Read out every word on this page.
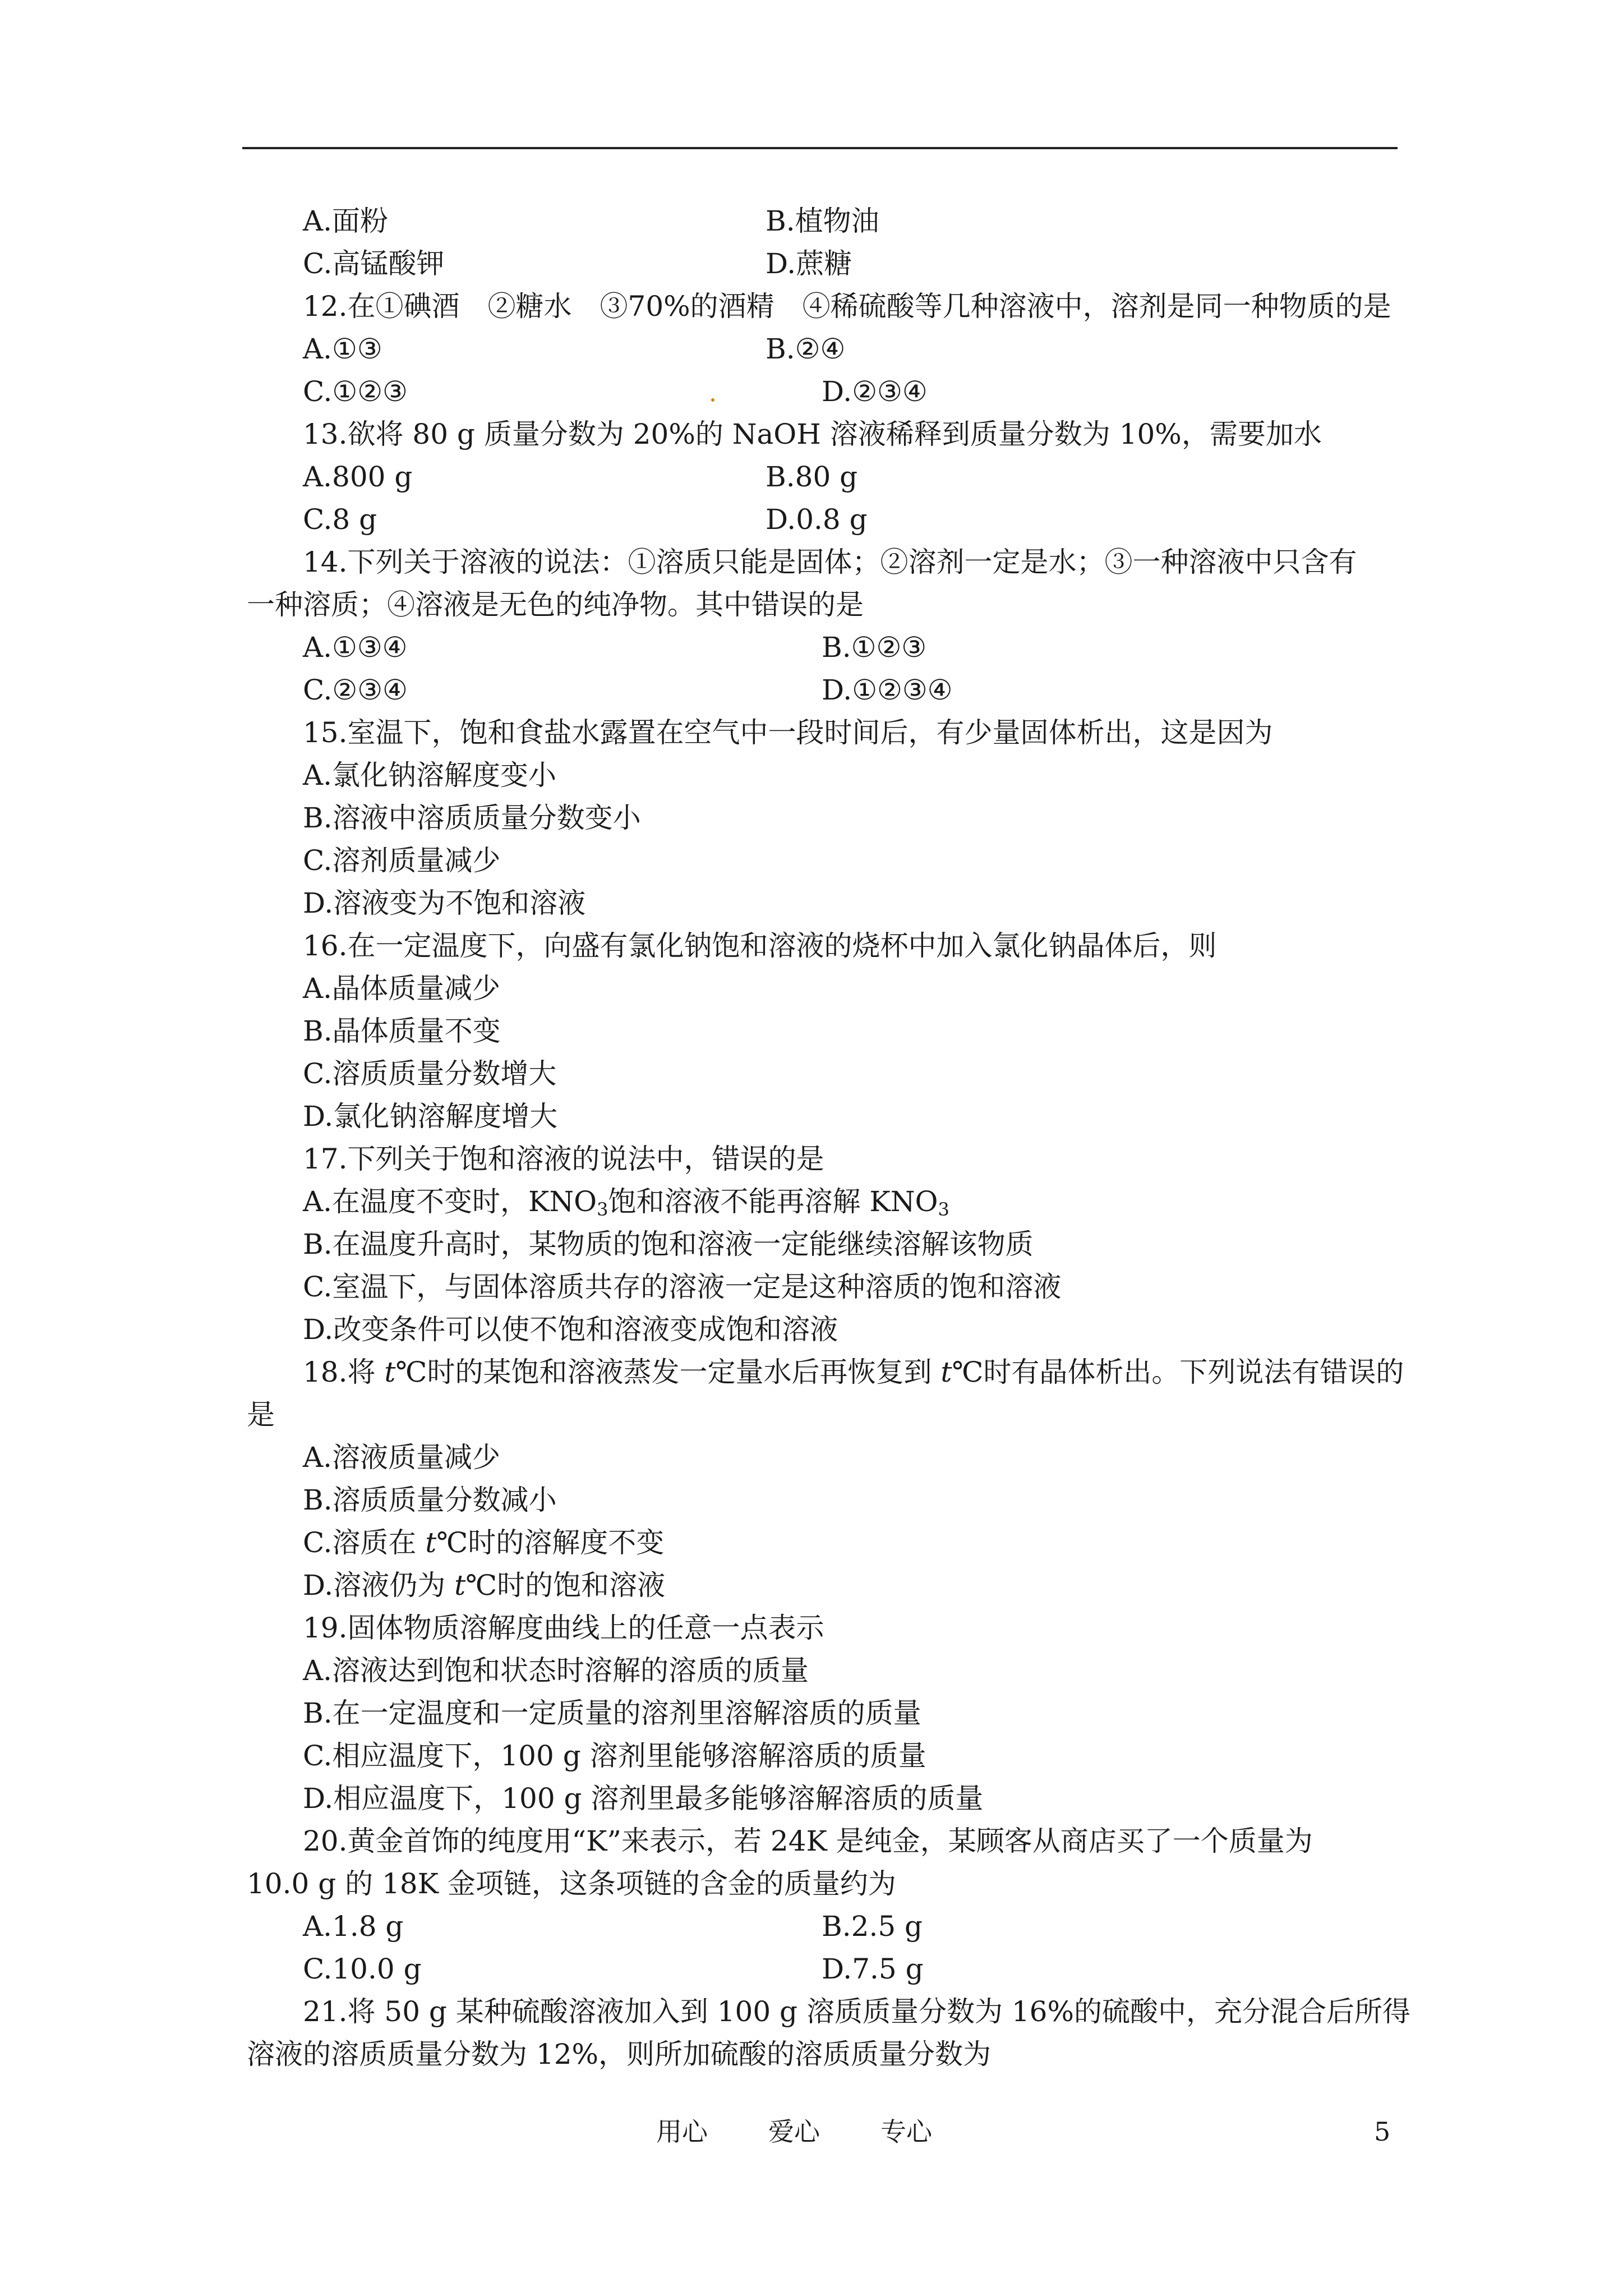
A.面粉	B.植物油
C.高锰酸钾	D.蔗糖
12.在①碘酒　②糖水　③70%的酒精　④稀硫酸等几种溶液中，溶剂是同一种物质的是
A.①③	B.②④
C.①②③	D.②③④
13.欲将 80 g 质量分数为 20%的 NaOH 溶液稀释到质量分数为 10%，需要加水
A.800 g	B.80 g
C.8 g	D.0.8 g
14.下列关于溶液的说法：①溶质只能是固体；②溶剂一定是水；③一种溶液中只含有
一种溶质；④溶液是无色的纯净物。其中错误的是
A.①③④	B.①②③
C.②③④	D.①②③④
15.室温下，饱和食盐水露置在空气中一段时间后，有少量固体析出，这是因为
A.氯化钠溶解度变小
B.溶液中溶质质量分数变小
C.溶剂质量减少
D.溶液变为不饱和溶液
16.在一定温度下，向盛有氯化钠饱和溶液的烧杯中加入氯化钠晶体后，则
A.晶体质量减少
B.晶体质量不变
C.溶质质量分数增大
D.氯化钠溶解度增大
17.下列关于饱和溶液的说法中，错误的是
A.在温度不变时，$KNO_3$饱和溶液不能再溶解 $KNO_3$
B.在温度升高时，某物质的饱和溶液一定能继续溶解该物质
C.室温下，与固体溶质共存的溶液一定是这种溶质的饱和溶液
D.改变条件可以使不饱和溶液变成饱和溶液
18.将 t℃时的某饱和溶液蒸发一定量水后再恢复到 t℃时有晶体析出。下列说法有错误的
是
A.溶液质量减少
B.溶质质量分数减小
C.溶质在 t℃时的溶解度不变
D.溶液仍为 t℃时的饱和溶液
19.固体物质溶解度曲线上的任意一点表示
A.溶液达到饱和状态时溶解的溶质的质量
B.在一定温度和一定质量的溶剂里溶解溶质的质量
C.相应温度下，100 g 溶剂里能够溶解溶质的质量
D.相应温度下，100 g 溶剂里最多能够溶解溶质的质量
20.黄金首饰的纯度用“K”来表示，若 24K 是纯金，某顾客从商店买了一个质量为
10.0 g 的 18K 金项链，这条项链的含金的质量约为
A.1.8 g	B.2.5 g
C.10.0 g	D.7.5 g
21.将 50 g 某种硫酸溶液加入到 100 g 溶质质量分数为 16%的硫酸中，充分混合后所得
溶液的溶质质量分数为 12%，则所加硫酸的溶质质量分数为
用心 爱心 专心	5
